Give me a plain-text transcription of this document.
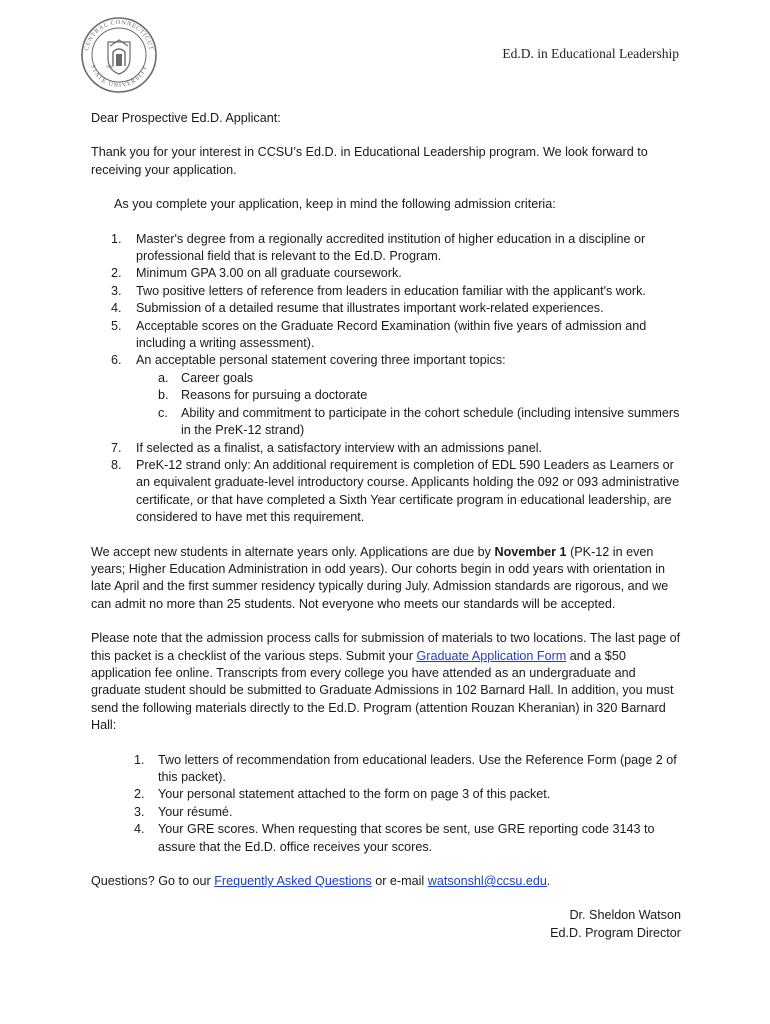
CENTRAL CONNECTICUT
STATE UNIVERSITY
1849
Ed.D. in Educational Leadership

Dear Prospective Ed.D. Applicant:

Thank you for your interest in CCSU’s Ed.D. in Educational Leadership program. We look forward to receiving your application.

As you complete your application, keep in mind the following admission criteria:

1. Master's degree from a regionally accredited institution of higher education in a discipline or professional field that is relevant to the Ed.D. Program.
2. Minimum GPA 3.00 on all graduate coursework.
3. Two positive letters of reference from leaders in education familiar with the applicant's work.
4. Submission of a detailed resume that illustrates important work-related experiences.
5. Acceptable scores on the Graduate Record Examination (within five years of admission and including a writing assessment).
6. An acceptable personal statement covering three important topics:
a. Career goals
b. Reasons for pursuing a doctorate
c. Ability and commitment to participate in the cohort schedule (including intensive summers in the PreK-12 strand)
7. If selected as a finalist, a satisfactory interview with an admissions panel.
8. PreK-12 strand only: An additional requirement is completion of EDL 590 Leaders as Learners or an equivalent graduate-level introductory course. Applicants holding the 092 or 093 administrative certificate, or that have completed a Sixth Year certificate program in educational leadership, are considered to have met this requirement.

We accept new students in alternate years only. Applications are due by November 1 (PK-12 in even years; Higher Education Administration in odd years). Our cohorts begin in odd years with orientation in late April and the first summer residency typically during July. Admission standards are rigorous, and we can admit no more than 25 students. Not everyone who meets our standards will be accepted.

Please note that the admission process calls for submission of materials to two locations. The last page of this packet is a checklist of the various steps. Submit your Graduate Application Form and a $50 application fee online. Transcripts from every college you have attended as an undergraduate and graduate student should be submitted to Graduate Admissions in 102 Barnard Hall. In addition, you must send the following materials directly to the Ed.D. Program (attention Rouzan Kheranian) in 320 Barnard Hall:

1. Two letters of recommendation from educational leaders. Use the Reference Form (page 2 of this packet).
2. Your personal statement attached to the form on page 3 of this packet.
3. Your résumé.
4. Your GRE scores. When requesting that scores be sent, use GRE reporting code 3143 to assure that the Ed.D. office receives your scores.

Questions? Go to our Frequently Asked Questions or e-mail watsonshl@ccsu.edu.

Dr. Sheldon Watson
Ed.D. Program Director
